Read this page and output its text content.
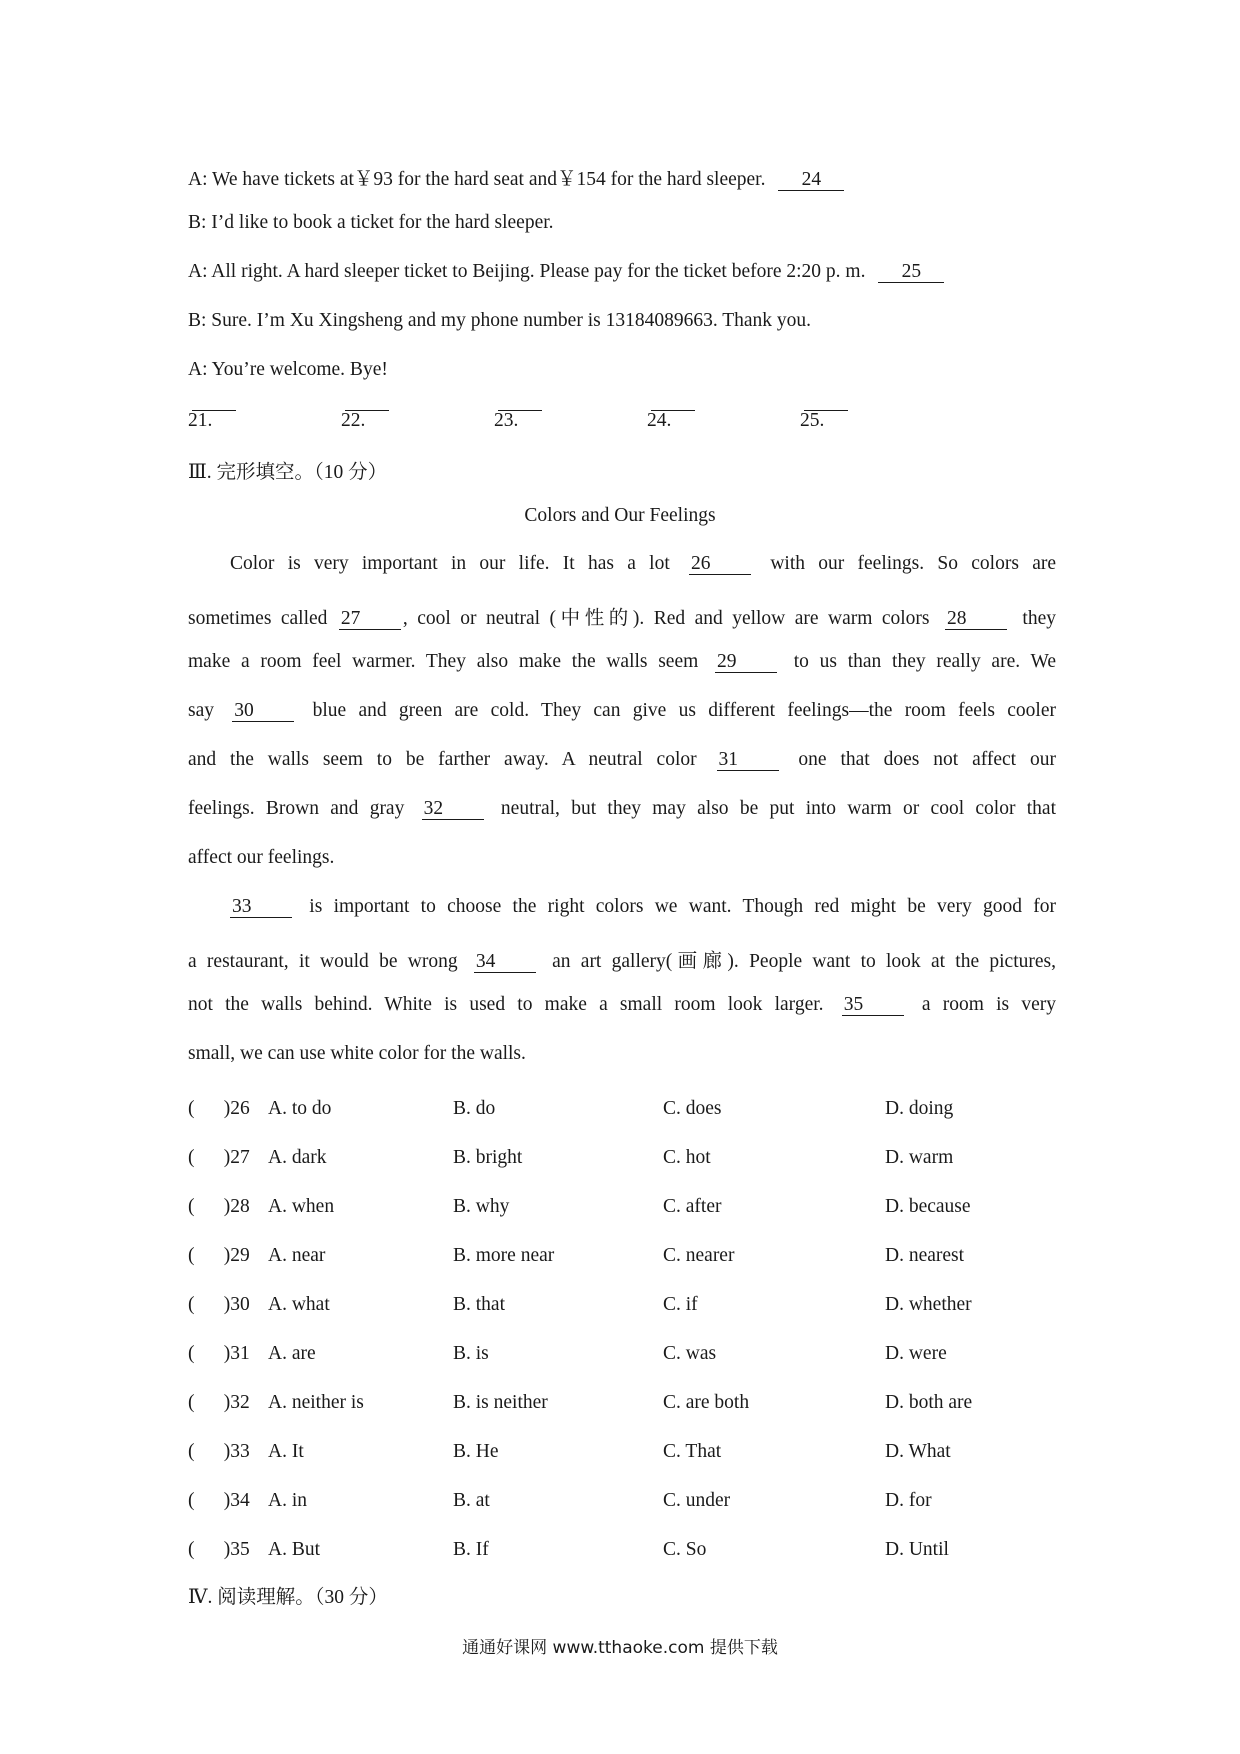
A: We have tickets at￥93 for the hard seat and￥154 for the hard sleeper. 24
B: I’d like to book a ticket for the hard sleeper.
A: All right. A hard sleeper ticket to Beijing. Please pay for the ticket before 2:20 p. m. 25
B: Sure. I’m Xu Xingsheng and my phone number is 13184089663. Thank you.
A: You’re welcome. Bye!
21.	22.	23.	24.	25.
Ⅲ. 完形填空。（10 分）
Colors and Our Feelings
Color is very important in our life. It has a lot 26 with our feelings. So colors are
sometimes called 27 , cool or neutral (中性的). Red and yellow are warm colors 28 they
make a room feel warmer. They also make the walls seem 29 to us than they really are. We
say 30 blue and green are cold. They can give us different feelings—the room feels cooler
and the walls seem to be farther away. A neutral color 31 one that does not affect our
feelings. Brown and gray 32 neutral, but they may also be put into warm or cool color that
affect our feelings.
33 is important to choose the right colors we want. Though red might be very good for
a restaurant, it would be wrong 34 an art gallery(画廊). People want to look at the pictures,
not the walls behind. White is used to make a small room look larger. 35 a room is very
small, we can use white color for the walls.
(      )26 A. to do	B. do	C. does	D. doing
(      )27 A. dark	B. bright	C. hot	D. warm
(      )28 A. when	B. why	C. after	D. because
(      )29 A. near	B. more near	C. nearer	D. nearest
(      )30 A. what	B. that	C. if	D. whether
(      )31 A. are	B. is	C. was	D. were
(      )32 A. neither is	B. is neither	C. are both	D. both are
(      )33 A. It	B. He	C. That	D. What
(      )34 A. in	B. at	C. under	D. for
(      )35 A. But	B. If	C. So	D. Until
Ⅳ. 阅读理解。（30 分）
通通好课网 www.tthaoke.com 提供下载
